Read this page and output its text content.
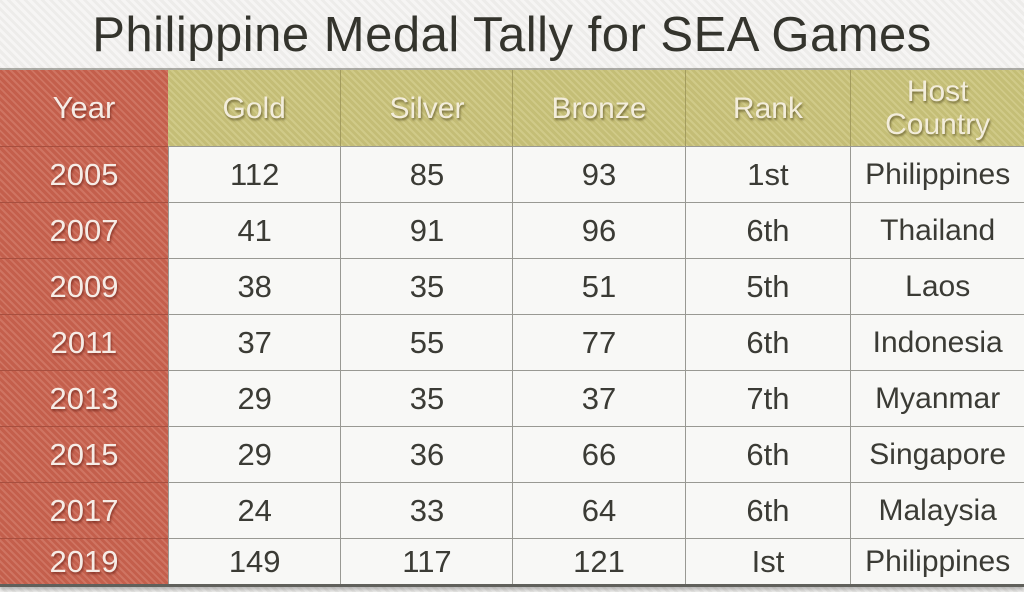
Philippine Medal Tally for SEA Games
Year	Gold	Silver	Bronze	Rank	Host Country
2005	112	85	93	1st	Philippines
2007	41	91	96	6th	Thailand
2009	38	35	51	5th	Laos
2011	37	55	77	6th	Indonesia
2013	29	35	37	7th	Myanmar
2015	29	36	66	6th	Singapore
2017	24	33	64	6th	Malaysia
2019	149	117	121	Ist	Philippines
